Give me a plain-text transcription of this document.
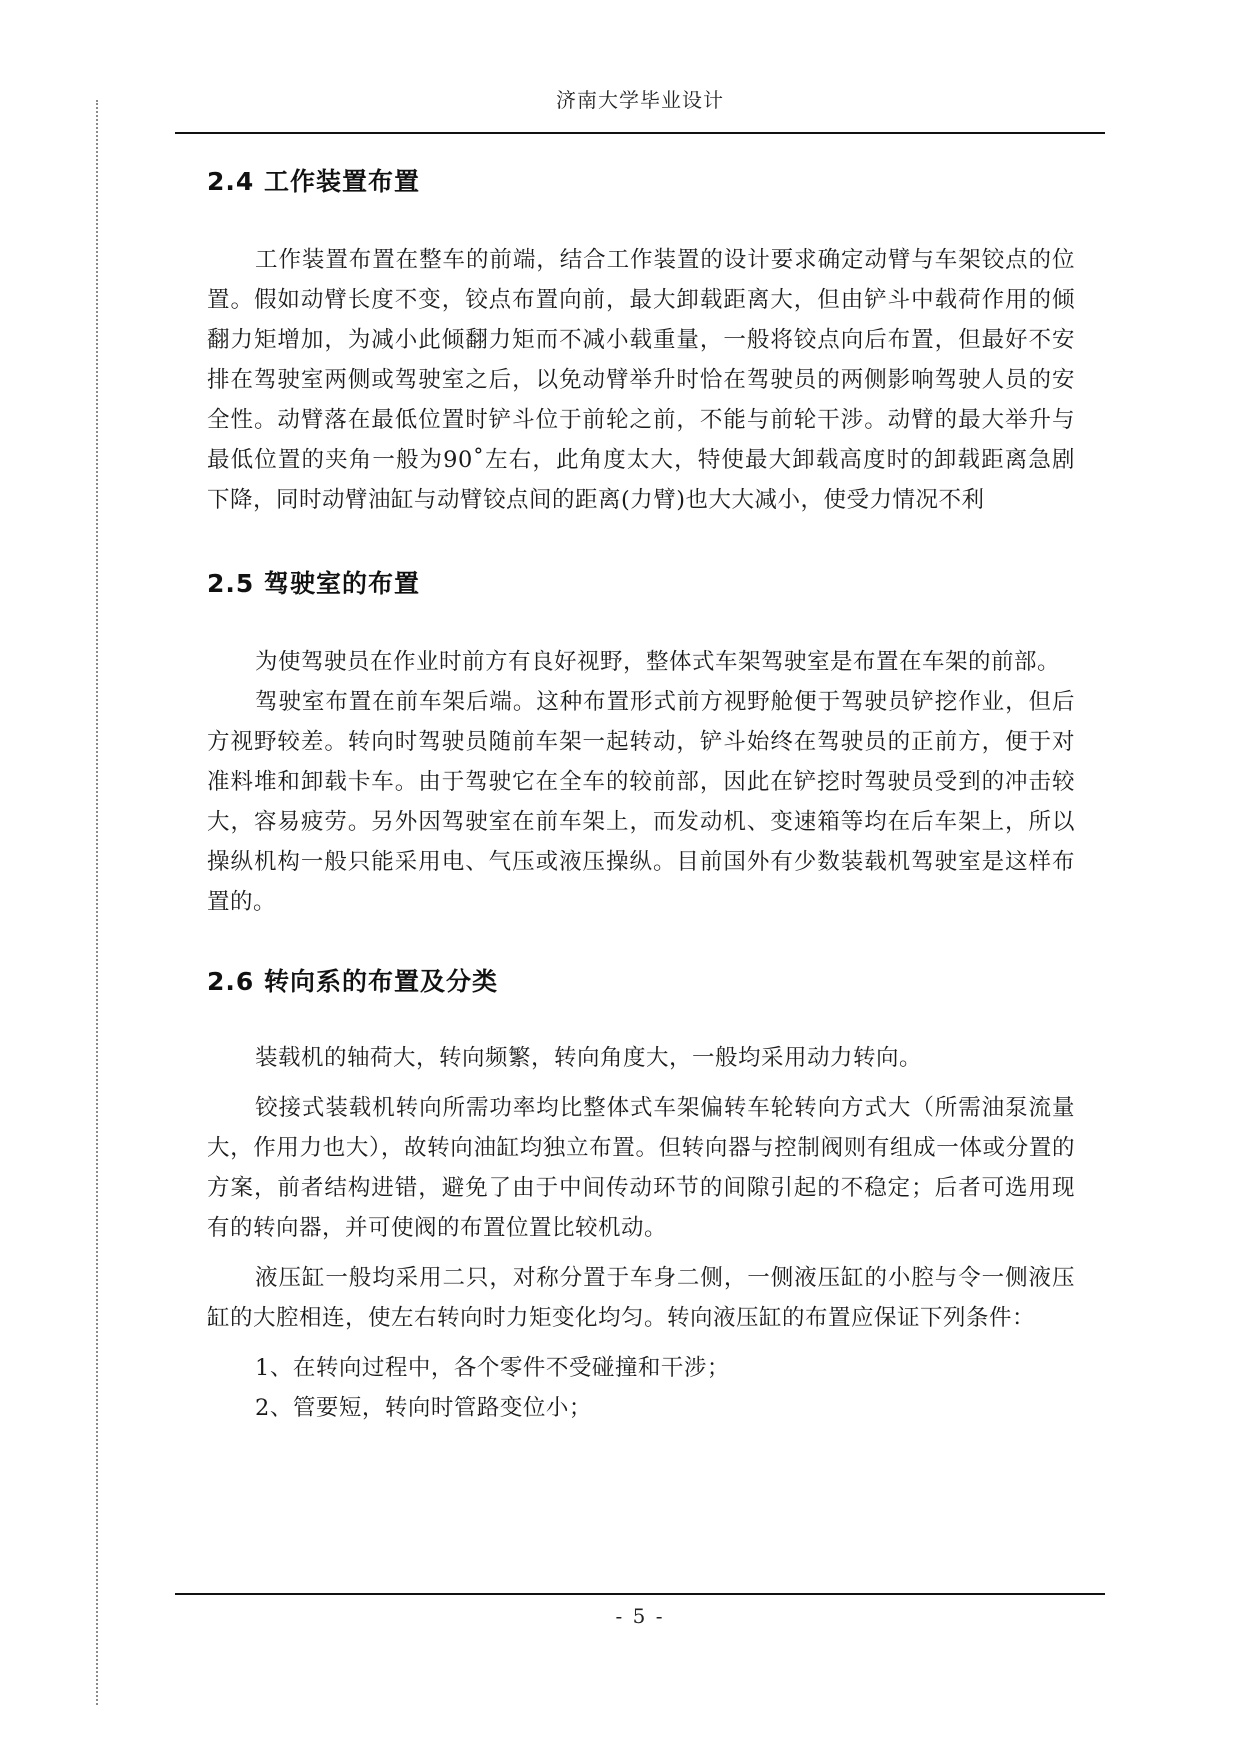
济南大学毕业设计
2.4 工作装置布置

工作装置布置在整车的前端，结合工作装置的设计要求确定动臂与车架铰点的位置。假如动臂长度不变，铰点布置向前，最大卸载距离大，但由铲斗中载荷作用的倾翻力矩增加，为减小此倾翻力矩而不减小载重量，一般将铰点向后布置，但最好不安排在驾驶室两侧或驾驶室之后，以免动臂举升时恰在驾驶员的两侧影响驾驶人员的安全性。动臂落在最低位置时铲斗位于前轮之前，不能与前轮干涉。动臂的最大举升与最低位置的夹角一般为90˚左右，此角度太大，特使最大卸载高度时的卸载距离急剧下降，同时动臂油缸与动臂铰点间的距离(力臂)也大大减小，使受力情况不利

2.5 驾驶室的布置

为使驾驶员在作业时前方有良好视野，整体式车架驾驶室是布置在车架的前部。

驾驶室布置在前车架后端。这种布置形式前方视野舱便于驾驶员铲挖作业，但后方视野较差。转向时驾驶员随前车架一起转动，铲斗始终在驾驶员的正前方，便于对准料堆和卸载卡车。由于驾驶它在全车的较前部，因此在铲挖时驾驶员受到的冲击较大，容易疲劳。另外因驾驶室在前车架上，而发动机、变速箱等均在后车架上，所以操纵机构一般只能采用电、气压或液压操纵。目前国外有少数装载机驾驶室是这样布置的。

2.6 转向系的布置及分类

装载机的轴荷大，转向频繁，转向角度大，一般均采用动力转向。

铰接式装载机转向所需功率均比整体式车架偏转车轮转向方式大（所需油泵流量大，作用力也大），故转向油缸均独立布置。但转向器与控制阀则有组成一体或分置的方案，前者结构进错，避免了由于中间传动环节的间隙引起的不稳定；后者可选用现有的转向器，并可使阀的布置位置比较机动。

液压缸一般均采用二只，对称分置于车身二侧，一侧液压缸的小腔与令一侧液压缸的大腔相连，使左右转向时力矩变化均匀。转向液压缸的布置应保证下列条件：

1、在转向过程中，各个零件不受碰撞和干涉；

2、管要短，转向时管路变位小；

- 5 -
